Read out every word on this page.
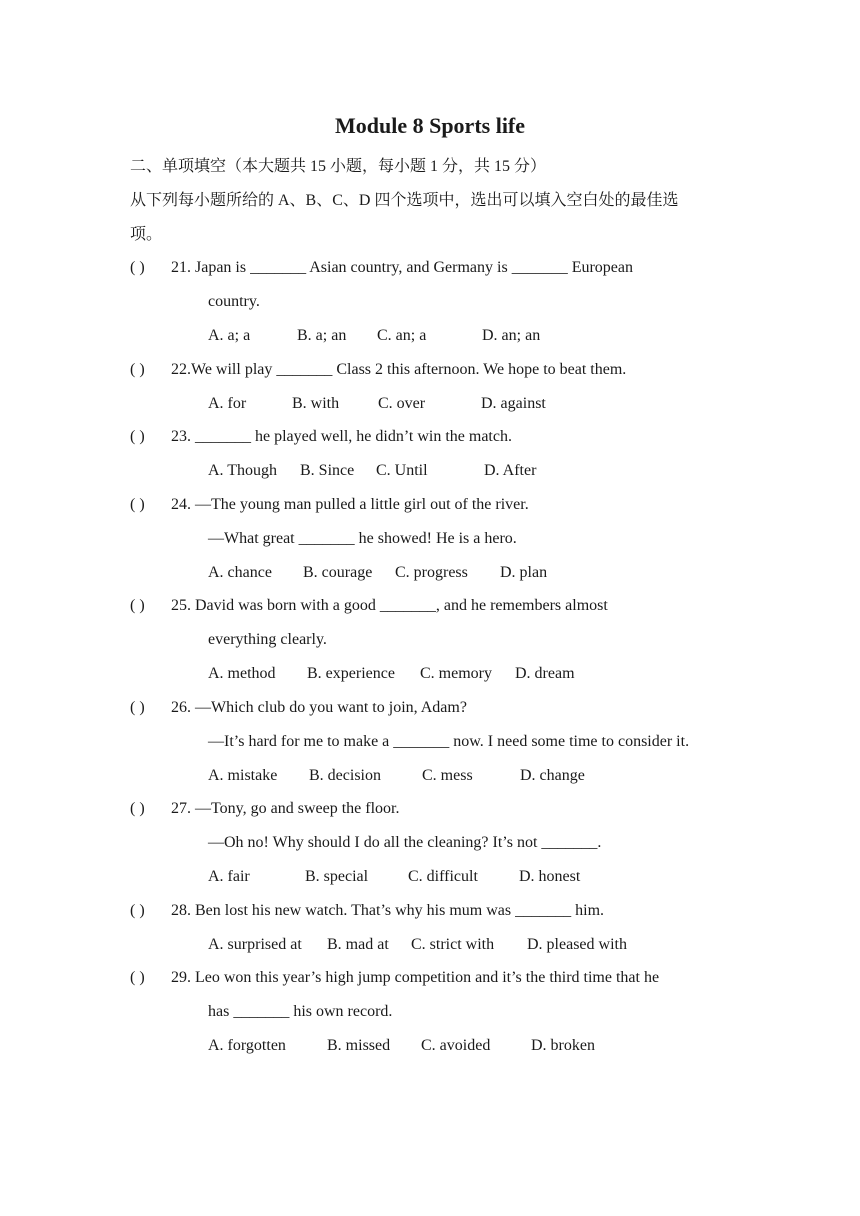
Module 8 Sports life
二、单项填空（本大题共 15 小题，每小题 1 分，共 15 分）
从下列每小题所给的 A、B、C、D 四个选项中，选出可以填入空白处的最佳选
项。
( ) 21. Japan is _______ Asian country, and Germany is _______ European
country.
A. a; a	B. a; an C. an; a	D. an; an
( ) 22.We will play _______ Class 2 this afternoon. We hope to beat them.
A. for	B. with C. over	D. against
( ) 23. _______ he played well, he didn’t win the match.
A. Though B. Since C. Until	D. After
( ) 24. —The young man pulled a little girl out of the river.
—What great _______ he showed! He is a hero.
A. chance B. courage C. progress D. plan
( ) 25. David was born with a good _______, and he remembers almost
everything clearly.
A. method B. experience C. memory D. dream
( ) 26. —Which club do you want to join, Adam?
—It’s hard for me to make a _______ now. I need some time to consider it.
A. mistake B. decision	C. mess	D. change
( ) 27. —Tony, go and sweep the floor.
—Oh no! Why should I do all the cleaning? It’s not _______.
A. fair	B. special C. difficult	D. honest
( ) 28. Ben lost his new watch. That’s why his mum was _______ him.
A. surprised at B. mad at C. strict with D. pleased with
( ) 29. Leo won this year’s high jump competition and it’s the third time that he
has _______ his own record.
A. forgotten	B. missed C. avoided	D. broken
